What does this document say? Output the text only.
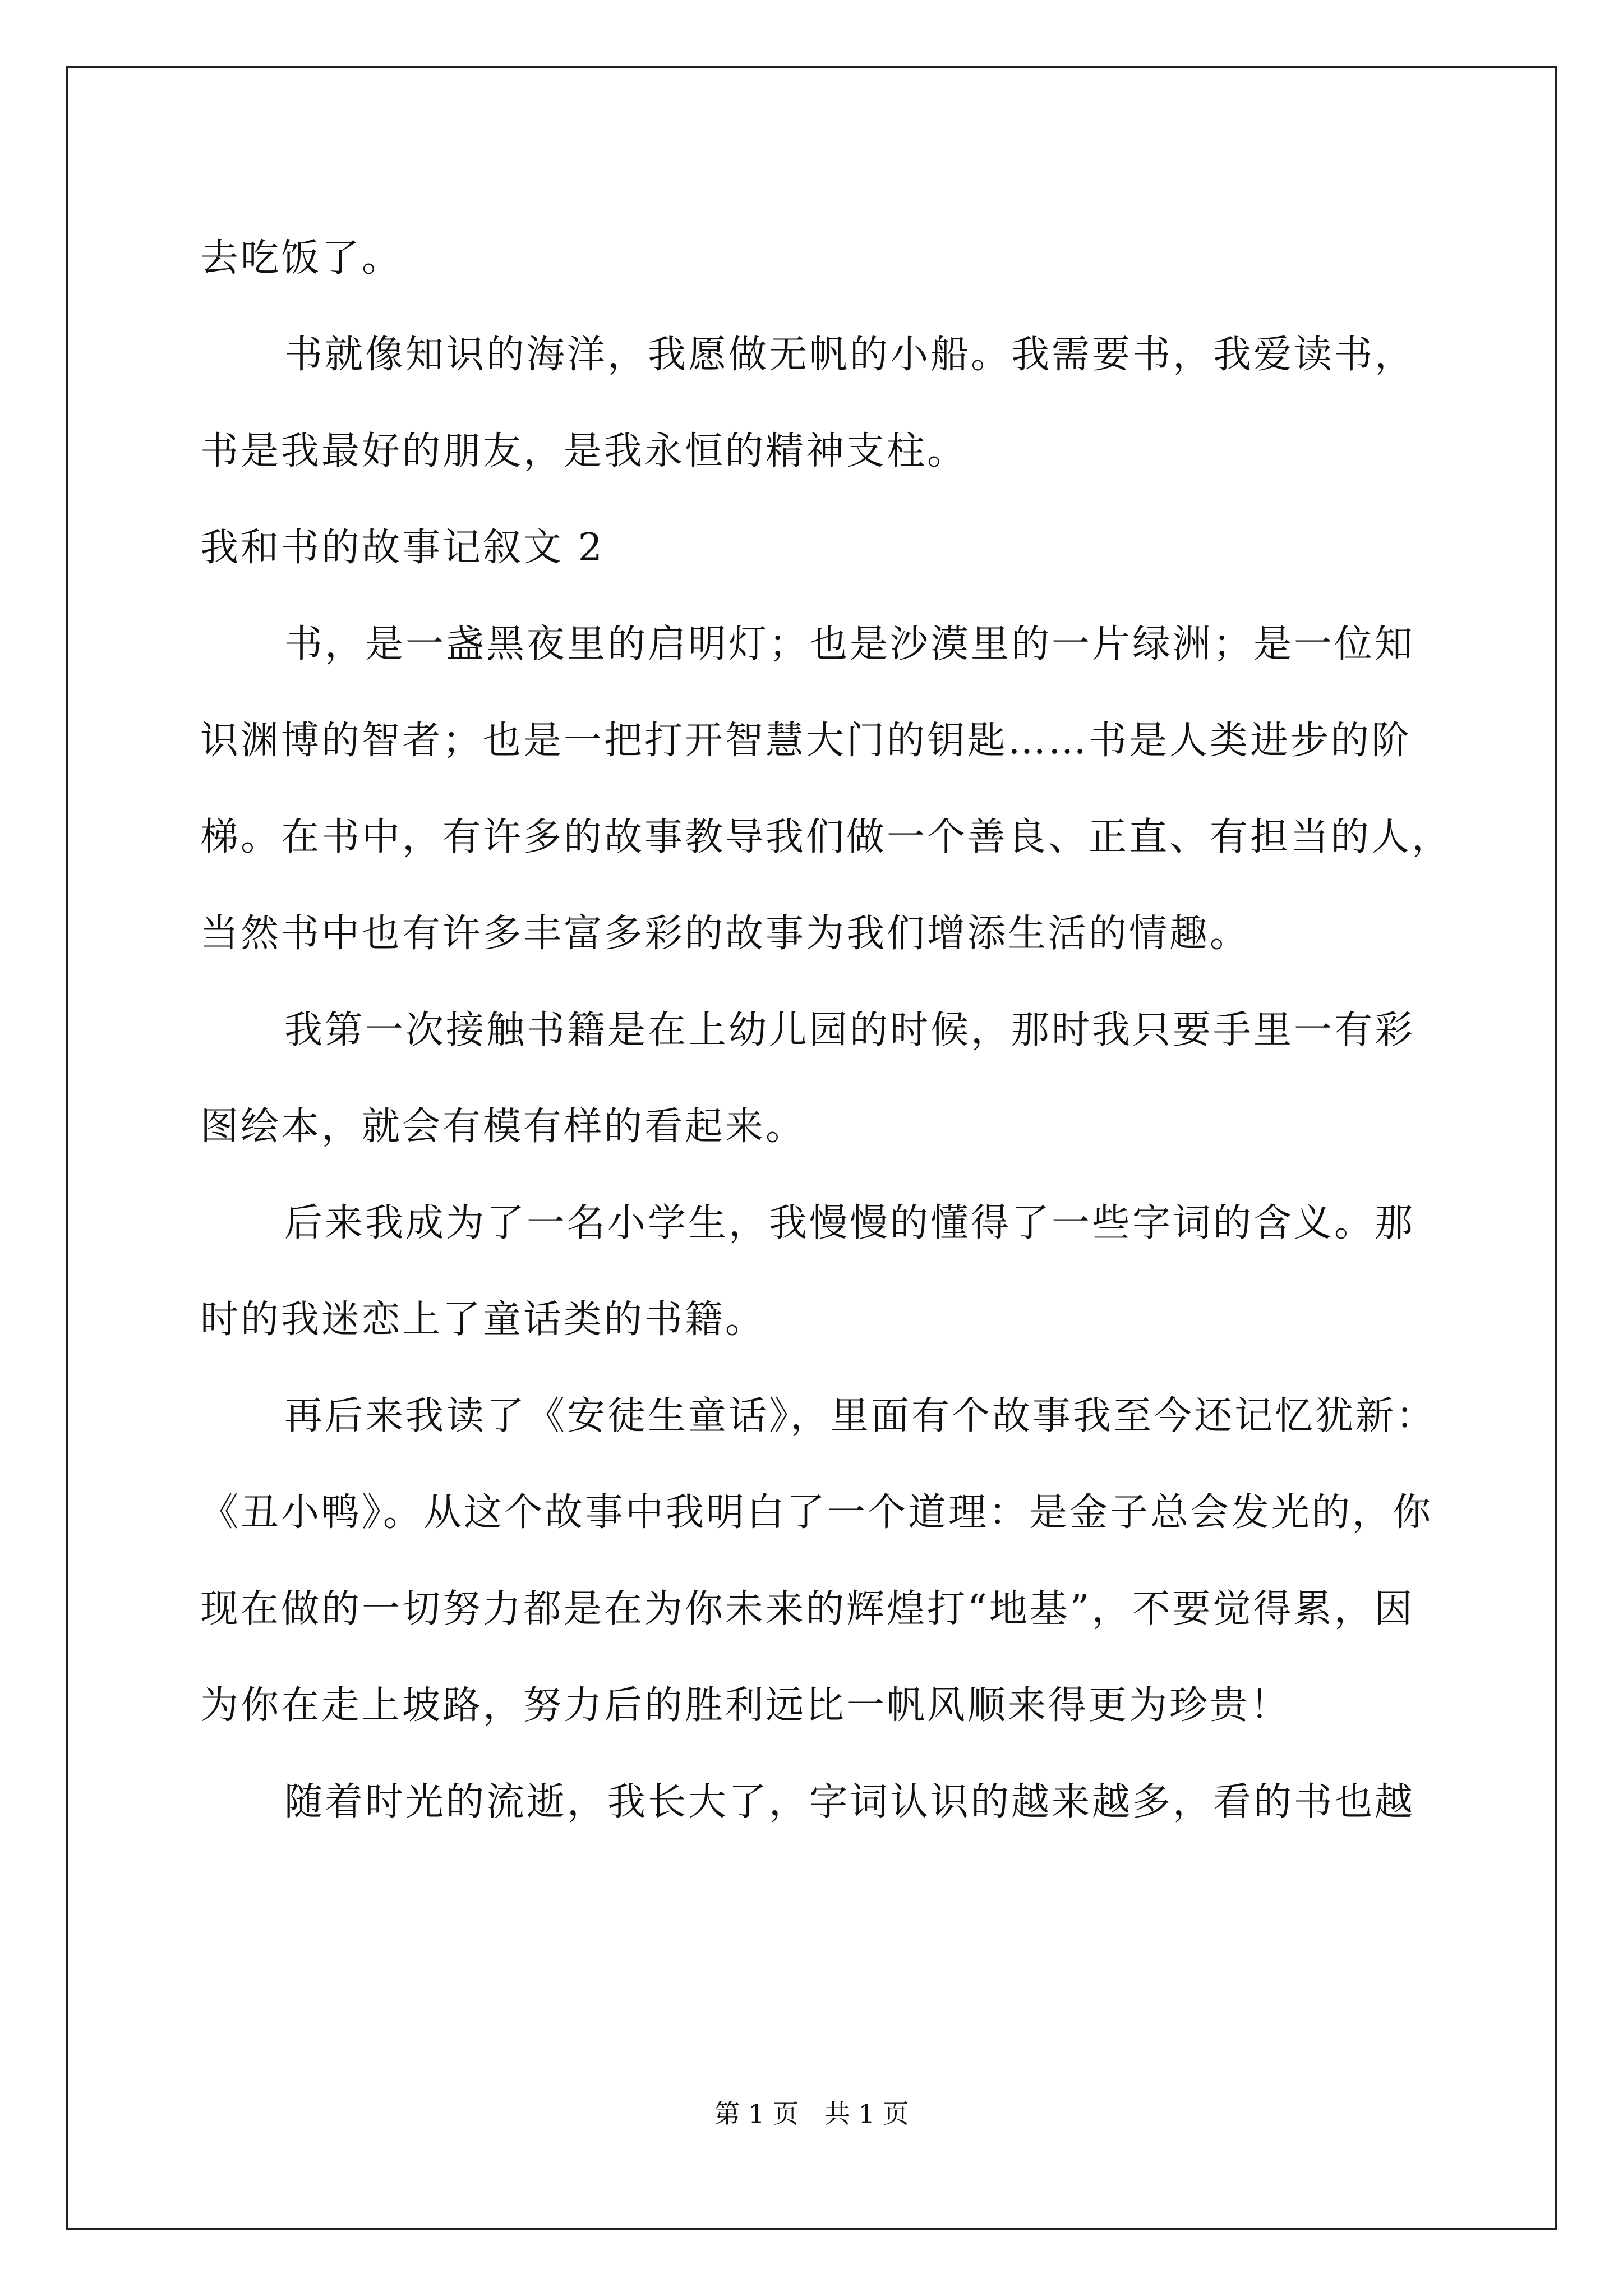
去吃饭了。
书就像知识的海洋，我愿做无帆的小船。我需要书，我爱读书，
书是我最好的朋友，是我永恒的精神支柱。
我和书的故事记叙文 2
书，是一盏黑夜里的启明灯；也是沙漠里的一片绿洲；是一位知
识渊博的智者；也是一把打开智慧大门的钥匙……书是人类进步的阶
梯。在书中，有许多的故事教导我们做一个善良、正直、有担当的人，
当然书中也有许多丰富多彩的故事为我们增添生活的情趣。
我第一次接触书籍是在上幼儿园的时候，那时我只要手里一有彩
图绘本，就会有模有样的看起来。
后来我成为了一名小学生，我慢慢的懂得了一些字词的含义。那
时的我迷恋上了童话类的书籍。
再后来我读了《安徒生童话》，里面有个故事我至今还记忆犹新：
《丑小鸭》。从这个故事中我明白了一个道理：是金子总会发光的，你
现在做的一切努力都是在为你未来的辉煌打“地基”，不要觉得累，因
为你在走上坡路，努力后的胜利远比一帆风顺来得更为珍贵！
随着时光的流逝，我长大了，字词认识的越来越多，看的书也越
第 1 页　共 1 页
